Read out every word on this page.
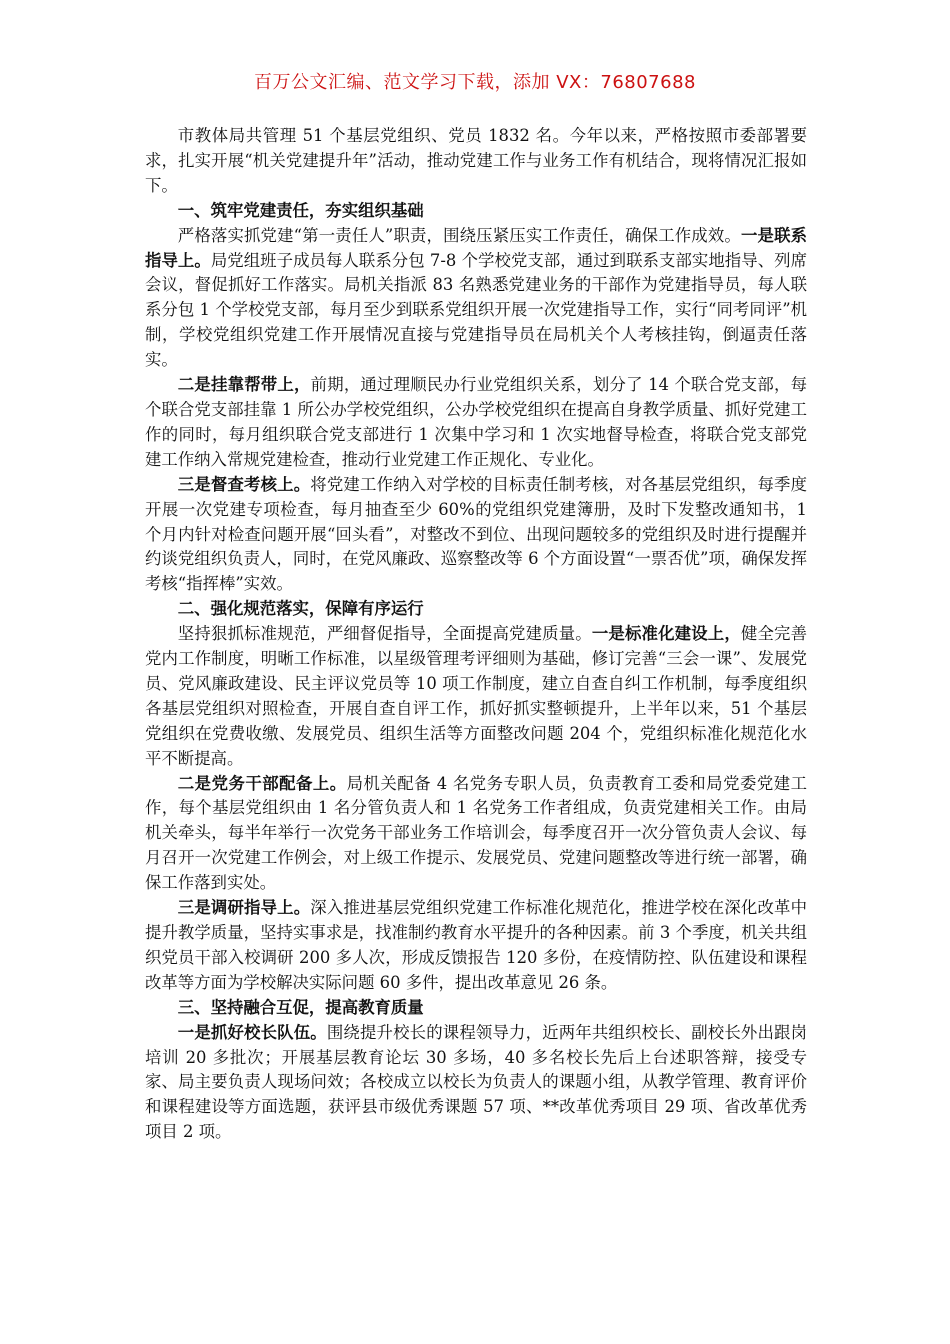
百万公文汇编、范文学习下载，添加 VX：76807688

市教体局共管理 51 个基层党组织、党员 1832 名。今年以来，严格按照市委部署要求，扎实开展“机关党建提升年”活动，推动党建工作与业务工作有机结合，现将情况汇报如下。

一、筑牢党建责任，夯实组织基础

严格落实抓党建“第一责任人”职责，围绕压紧压实工作责任，确保工作成效。一是联系指导上。局党组班子成员每人联系分包 7-8 个学校党支部，通过到联系支部实地指导、列席会议，督促抓好工作落实。局机关指派 83 名熟悉党建业务的干部作为党建指导员，每人联系分包 1 个学校党支部，每月至少到联系党组织开展一次党建指导工作，实行“同考同评”机制，学校党组织党建工作开展情况直接与党建指导员在局机关个人考核挂钩，倒逼责任落实。

二是挂靠帮带上，前期，通过理顺民办行业党组织关系，划分了 14 个联合党支部，每个联合党支部挂靠 1 所公办学校党组织，公办学校党组织在提高自身教学质量、抓好党建工作的同时，每月组织联合党支部进行 1 次集中学习和 1 次实地督导检查，将联合党支部党建工作纳入常规党建检查，推动行业党建工作正规化、专业化。

三是督查考核上。将党建工作纳入对学校的目标责任制考核，对各基层党组织，每季度开展一次党建专项检查，每月抽查至少 60%的党组织党建簿册，及时下发整改通知书，1 个月内针对检查问题开展“回头看”，对整改不到位、出现问题较多的党组织及时进行提醒并约谈党组织负责人，同时，在党风廉政、巡察整改等 6 个方面设置“一票否优”项，确保发挥考核“指挥棒”实效。

二、强化规范落实，保障有序运行

坚持狠抓标准规范，严细督促指导，全面提高党建质量。一是标准化建设上，健全完善党内工作制度，明晰工作标准，以星级管理考评细则为基础，修订完善“三会一课”、发展党员、党风廉政建设、民主评议党员等 10 项工作制度，建立自查自纠工作机制，每季度组织各基层党组织对照检查，开展自查自评工作，抓好抓实整顿提升，上半年以来，51 个基层党组织在党费收缴、发展党员、组织生活等方面整改问题 204 个，党组织标准化规范化水平不断提高。

二是党务干部配备上。局机关配备 4 名党务专职人员，负责教育工委和局党委党建工作，每个基层党组织由 1 名分管负责人和 1 名党务工作者组成，负责党建相关工作。由局机关牵头，每半年举行一次党务干部业务工作培训会，每季度召开一次分管负责人会议、每月召开一次党建工作例会，对上级工作提示、发展党员、党建问题整改等进行统一部署，确保工作落到实处。

三是调研指导上。深入推进基层党组织党建工作标准化规范化，推进学校在深化改革中提升教学质量，坚持实事求是，找准制约教育水平提升的各种因素。前 3 个季度，机关共组织党员干部入校调研 200 多人次，形成反馈报告 120 多份，在疫情防控、队伍建设和课程改革等方面为学校解决实际问题 60 多件，提出改革意见 26 条。

三、坚持融合互促，提高教育质量

一是抓好校长队伍。围绕提升校长的课程领导力，近两年共组织校长、副校长外出跟岗培训 20 多批次；开展基层教育论坛 30 多场，40 多名校长先后上台述职答辩，接受专家、局主要负责人现场问效；各校成立以校长为负责人的课题小组，从教学管理、教育评价和课程建设等方面选题，获评县市级优秀课题 57 项、**改革优秀项目 29 项、省改革优秀项目 2 项。
